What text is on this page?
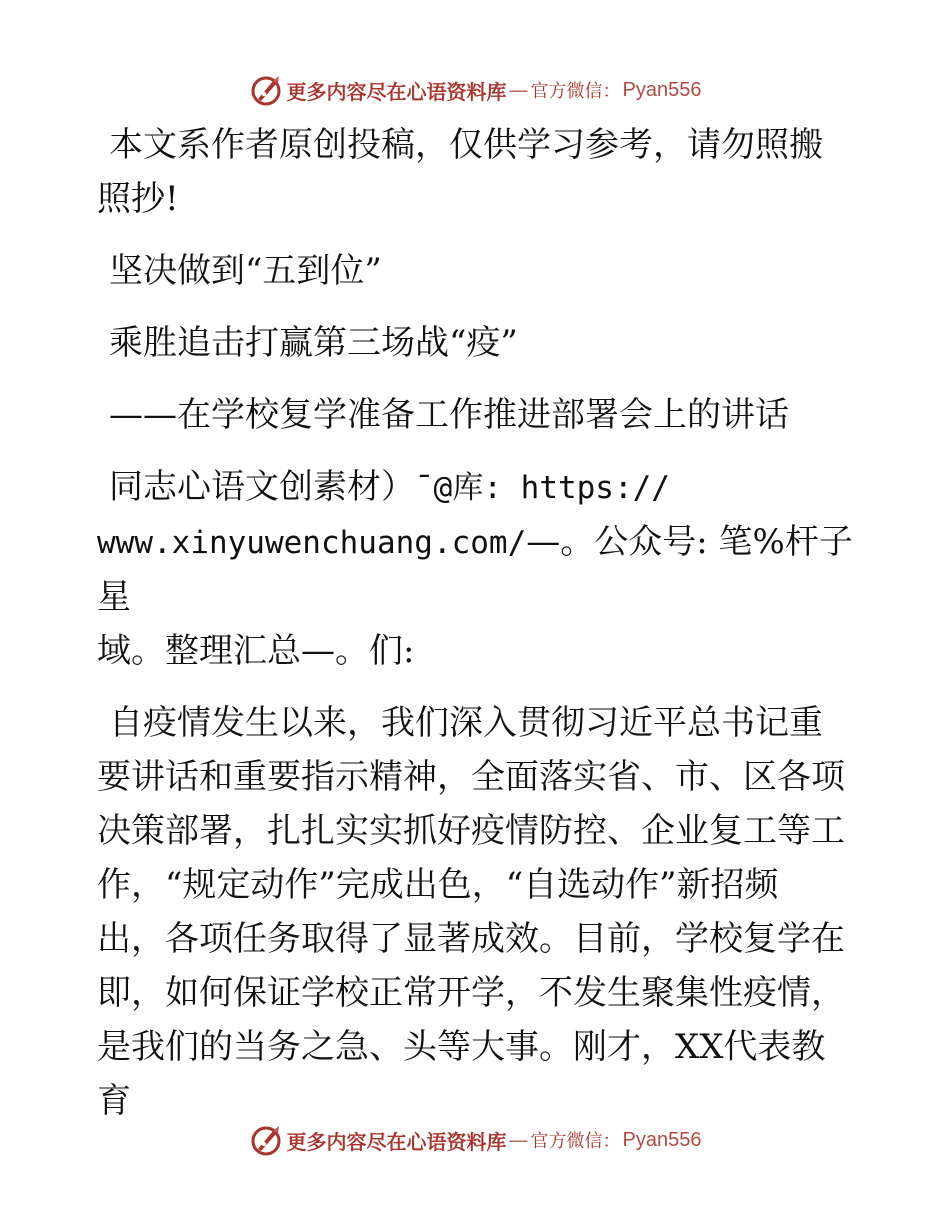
更多内容尽在心语资料库 — 官方微信： Pyan556

本文系作者原创投稿，仅供学习参考，请勿照搬

照抄!

坚决做到“五到位”

乘胜追击打赢第三场战“疫”

——在学校复学准备工作推进部署会上的讲话

同志心语文创素材）¯@库: https://

www.xinyuwenchuang.com/—。公众号: 笔%杆子星

域。整理汇总—。们:

自疫情发生以来，我们深入贯彻习近平总书记重

要讲话和重要指示精神，全面落实省、市、区各项

决策部署，扎扎实实抓好疫情防控、企业复工等工

作，“规定动作”完成出色，“自选动作”新招频

出，各项任务取得了显著成效。目前，学校复学在

即，如何保证学校正常开学，不发生聚集性疫情，

是我们的当务之急、头等大事。刚才，XX代表教育

更多内容尽在心语资料库 — 官方微信： Pyan556
